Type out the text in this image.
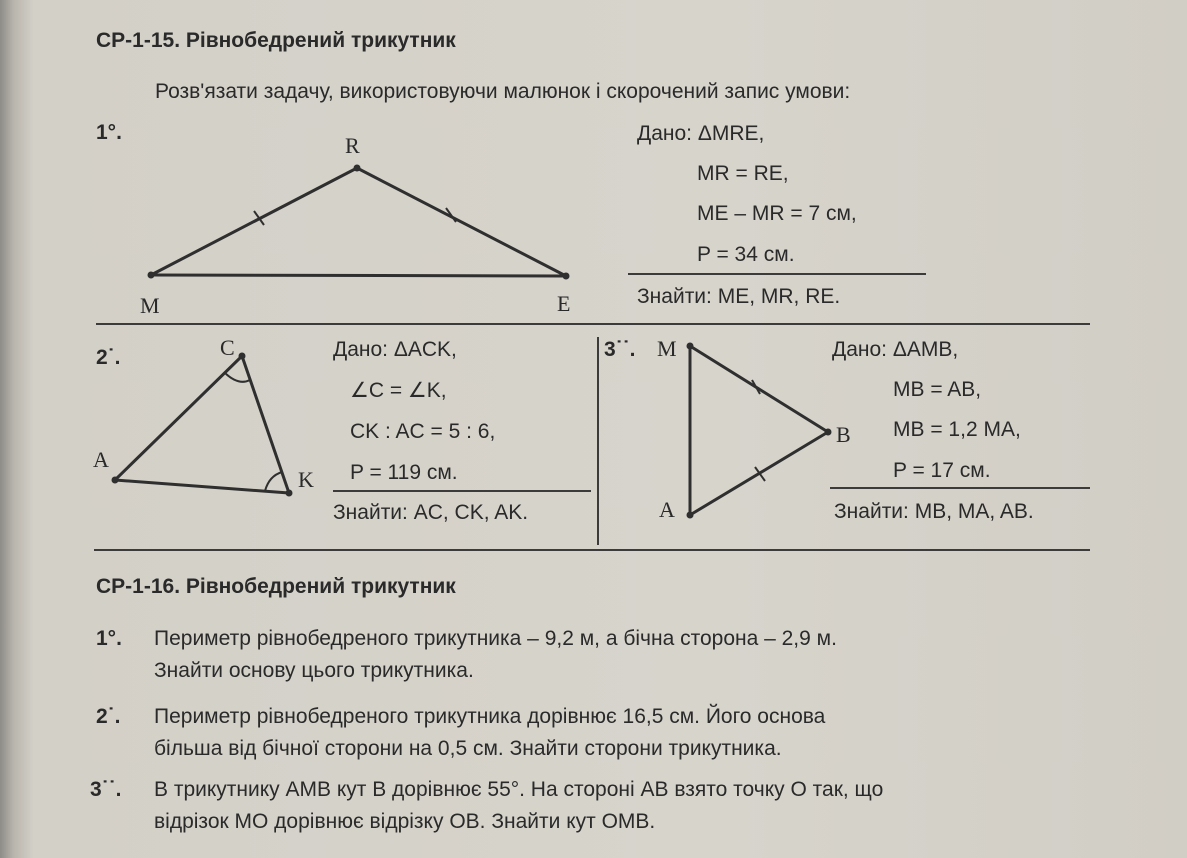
СР-1-15. Рівнобедрений трикутник
Розв'язати задачу, використовуючи малюнок і скорочений запис умови:
1°.
R
M	E
Дано: ΔMRE,
MR = RE,
ME – MR = 7 см,
P = 34 см.
Знайти: ME, MR, RE.
2˙.	C
A
K
Дано: ΔACK,
∠C = ∠K,
CK : AC = 5 : 6,
P = 119 см.
Знайти: AC, CK, AK.
3˙˙. M
B
A
Дано: ΔAMB,
MB = AB,
MB = 1,2 MA,
P = 17 см.
Знайти: MB, MA, AB.
СР-1-16. Рівнобедрений трикутник
1°. Периметр рівнобедреного трикутника – 9,2 м, а бічна сторона – 2,9 м.
Знайти основу цього трикутника.
2˙. Периметр рівнобедреного трикутника дорівнює 16,5 см. Його основа
більша від бічної сторони на 0,5 см. Знайти сторони трикутника.
3˙˙. В трикутнику AMB кут B дорівнює 55°. На стороні AB взято точку O так, що
відрізок MO дорівнює відрізку OB. Знайти кут OMB.
